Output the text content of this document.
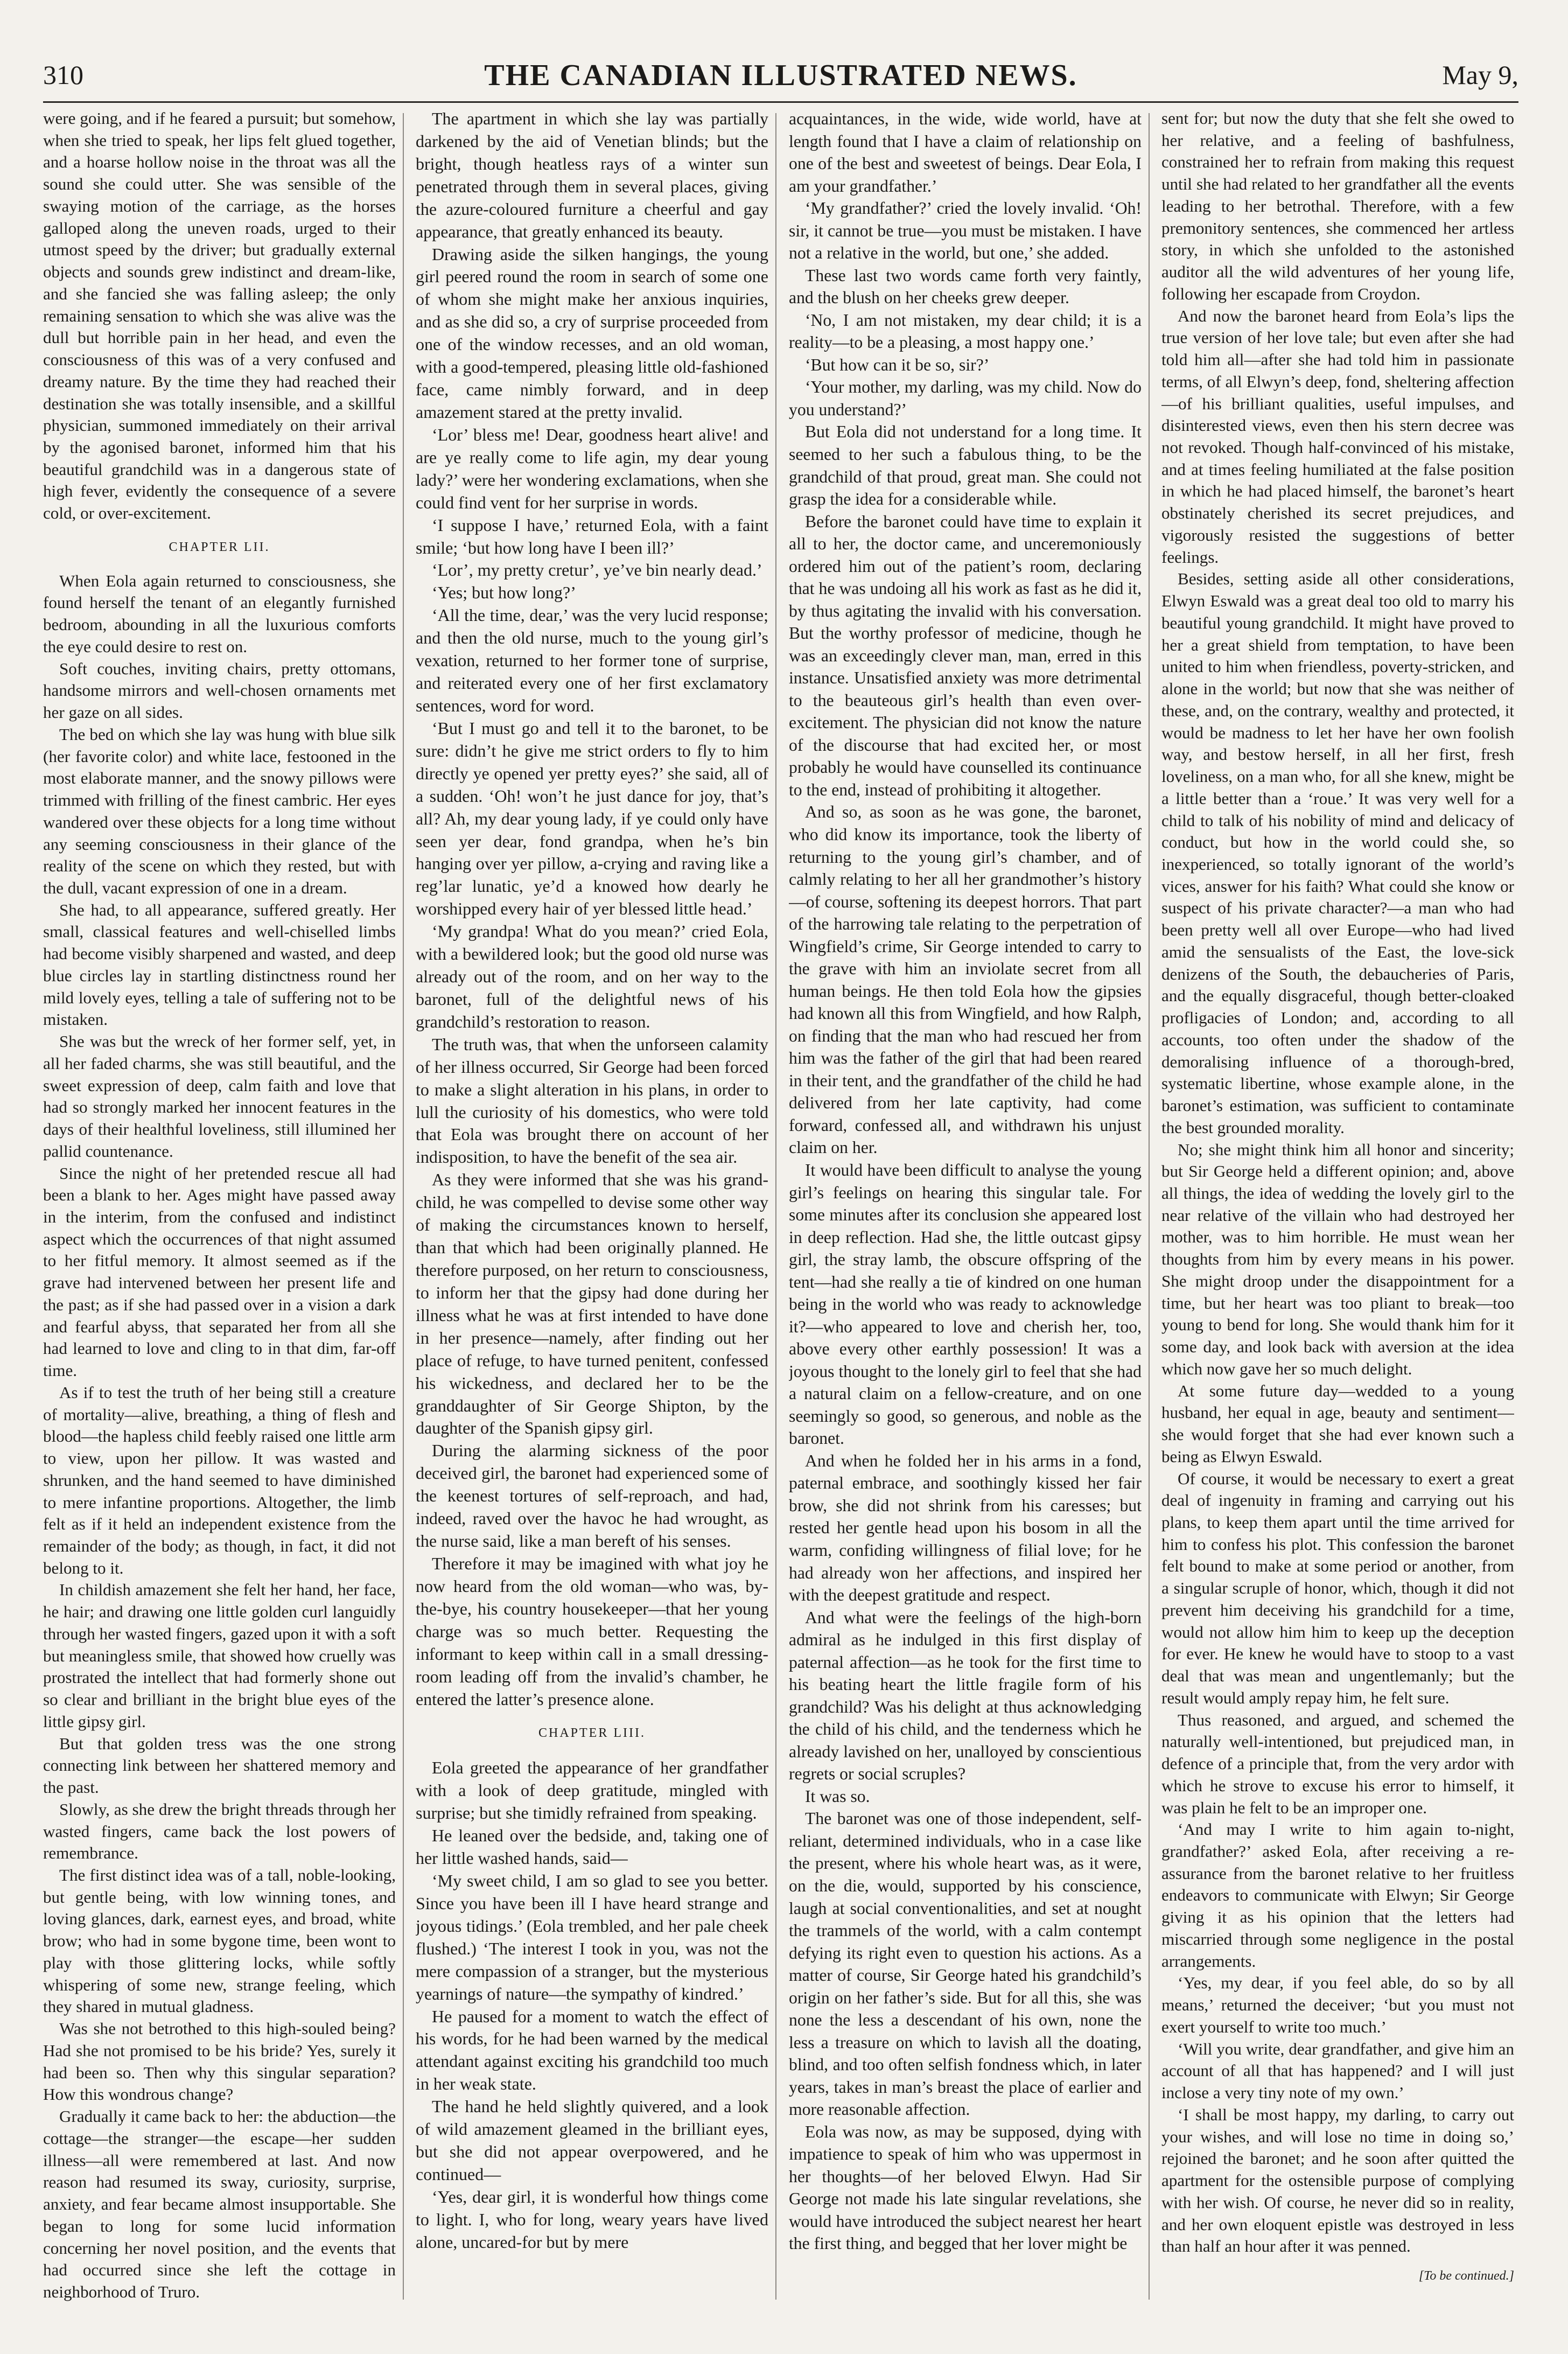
310	THE CANADIAN ILLUSTRATED NEWS.	May 9,

were going, and if he feared a pursuit; but somehow, when she tried to speak, her lips felt glued together, and a hoarse hollow noise in the throat was all the sound she could utter. She was sensible of the swaying motion of the carriage, as the horses galloped along the uneven roads, urged to their utmost speed by the driver; but gradually external objects and sounds grew indistinct and dream-like, and she fancied she was falling asleep; the only remaining sensation to which she was alive was the dull but horrible pain in her head, and even the consciousness of this was of a very confused and dreamy nature. By the time they had reached their destination she was totally insensible, and a skillful physician, summoned immediately on their arrival by the agonised baronet, informed him that his beautiful grandchild was in a dangerous state of high fever, evidently the consequence of a severe cold, or over-excitement.

CHAPTER LII.

When Eola again returned to consciousness, she found herself the tenant of an elegantly furnished bedroom, abounding in all the luxurious comforts the eye could desire to rest on.

Soft couches, inviting chairs, pretty ottomans, handsome mirrors and well-chosen ornaments met her gaze on all sides.

The bed on which she lay was hung with blue silk (her favorite color) and white lace, festooned in the most elaborate manner, and the snowy pillows were trimmed with frilling of the finest cambric. Her eyes wandered over these objects for a long time without any seeming consciousness in their glance of the reality of the scene on which they rested, but with the dull, vacant expression of one in a dream.

She had, to all appearance, suffered greatly. Her small, classical features and well-chiselled limbs had become visibly sharpened and wasted, and deep blue circles lay in startling distinctness round her mild lovely eyes, telling a tale of suffering not to be mistaken.

She was but the wreck of her former self, yet, in all her faded charms, she was still beautiful, and the sweet expression of deep, calm faith and love that had so strongly marked her innocent features in the days of their healthful loveliness, still illumined her pallid countenance.

Since the night of her pretended rescue all had been a blank to her. Ages might have passed away in the interim, from the confused and indistinct aspect which the occurrences of that night assumed to her fitful memory. It almost seemed as if the grave had intervened between her present life and the past; as if she had passed over in a vision a dark and fearful abyss, that separated her from all she had learned to love and cling to in that dim, far-off time.

As if to test the truth of her being still a creature of mortality—alive, breathing, a thing of flesh and blood—the hapless child feebly raised one little arm to view, upon her pillow. It was wasted and shrunken, and the hand seemed to have diminished to mere infantine proportions. Altogether, the limb felt as if it held an independent existence from the remainder of the body; as though, in fact, it did not belong to it.

In childish amazement she felt her hand, her face, he hair; and drawing one little golden curl languidly through her wasted fingers, gazed upon it with a soft but meaningless smile, that showed how cruelly was prostrated the intellect that had formerly shone out so clear and brilliant in the bright blue eyes of the little gipsy girl.

But that golden tress was the one strong connecting link between her shattered memory and the past.

Slowly, as she drew the bright threads through her wasted fingers, came back the lost powers of remembrance.

The first distinct idea was of a tall, noble-looking, but gentle being, with low winning tones, and loving glances, dark, earnest eyes, and broad, white brow; who had in some bygone time, been wont to play with those glittering locks, while softly whispering of some new, strange feeling, which they shared in mutual gladness.

Was she not betrothed to this high-souled being? Had she not promised to be his bride? Yes, surely it had been so. Then why this singular separation? How this wondrous change?

Gradually it came back to her: the abduction—the cottage—the stranger—the escape—her sudden illness—all were remembered at last. And now reason had resumed its sway, curiosity, surprise, anxiety, and fear became almost insupportable. She began to long for some lucid information concerning her novel position, and the events that had occurred since she left the cottage in neighborhood of Truro.

The apartment in which she lay was partially darkened by the aid of Venetian blinds; but the bright, though heatless rays of a winter sun penetrated through them in several places, giving the azure-coloured furniture a cheerful and gay appearance, that greatly enhanced its beauty.

Drawing aside the silken hangings, the young girl peered round the room in search of some one of whom she might make her anxious inquiries, and as she did so, a cry of surprise proceeded from one of the window recesses, and an old woman, with a good-tempered, pleasing little old-fashioned face, came nimbly forward, and in deep amazement stared at the pretty invalid.

‘Lor’ bless me! Dear, goodness heart alive! and are ye really come to life agin, my dear young lady?’ were her wondering exclamations, when she could find vent for her surprise in words.

‘I suppose I have,’ returned Eola, with a faint smile; ‘but how long have I been ill?’

‘Lor’, my pretty cretur’, ye’ve bin nearly dead.’

‘Yes; but how long?’

‘All the time, dear,’ was the very lucid response; and then the old nurse, much to the young girl’s vexation, returned to her former tone of surprise, and reiterated every one of her first exclamatory sentences, word for word.

‘But I must go and tell it to the baronet, to be sure: didn’t he give me strict orders to fly to him directly ye opened yer pretty eyes?’ she said, all of a sudden. ‘Oh! won’t he just dance for joy, that’s all? Ah, my dear young lady, if ye could only have seen yer dear, fond grandpa, when he’s bin hanging over yer pillow, a-crying and raving like a reg’lar lunatic, ye’d a knowed how dearly he worshipped every hair of yer blessed little head.’

‘My grandpa! What do you mean?’ cried Eola, with a bewildered look; but the good old nurse was already out of the room, and on her way to the baronet, full of the delightful news of his grandchild’s restoration to reason.

The truth was, that when the unforseen calamity of her illness occurred, Sir George had been forced to make a slight alteration in his plans, in order to lull the curiosity of his domestics, who were told that Eola was brought there on account of her indisposition, to have the benefit of the sea air.

As they were informed that she was his grand-child, he was compelled to devise some other way of making the circumstances known to herself, than that which had been originally planned. He therefore purposed, on her return to consciousness, to inform her that the gipsy had done during her illness what he was at first intended to have done in her presence—namely, after finding out her place of refuge, to have turned penitent, confessed his wickedness, and declared her to be the granddaughter of Sir George Shipton, by the daughter of the Spanish gipsy girl.

During the alarming sickness of the poor deceived girl, the baronet had experienced some of the keenest tortures of self-reproach, and had, indeed, raved over the havoc he had wrought, as the nurse said, like a man bereft of his senses.

Therefore it may be imagined with what joy he now heard from the old woman—who was, by-the-bye, his country housekeeper—that her young charge was so much better. Requesting the informant to keep within call in a small dressing-room leading off from the invalid’s chamber, he entered the latter’s presence alone.

CHAPTER LIII.

Eola greeted the appearance of her grandfather with a look of deep gratitude, mingled with surprise; but she timidly refrained from speaking.

He leaned over the bedside, and, taking one of her little washed hands, said—

‘My sweet child, I am so glad to see you better. Since you have been ill I have heard strange and joyous tidings.’ (Eola trembled, and her pale cheek flushed.) ‘The interest I took in you, was not the mere compassion of a stranger, but the mysterious yearnings of nature—the sympathy of kindred.’

He paused for a moment to watch the effect of his words, for he had been warned by the medical attendant against exciting his grandchild too much in her weak state.

The hand he held slightly quivered, and a look of wild amazement gleamed in the brilliant eyes, but she did not appear overpowered, and he continued—

‘Yes, dear girl, it is wonderful how things come to light. I, who for long, weary years have lived alone, uncared-for but by mere

acquaintances, in the wide, wide world, have at length found that I have a claim of relationship on one of the best and sweetest of beings. Dear Eola, I am your grandfather.’

‘My grandfather?’ cried the lovely invalid. ‘Oh! sir, it cannot be true—you must be mistaken. I have not a relative in the world, but one,’ she added.

These last two words came forth very faintly, and the blush on her cheeks grew deeper.

‘No, I am not mistaken, my dear child; it is a reality—to be a pleasing, a most happy one.’

‘But how can it be so, sir?’

‘Your mother, my darling, was my child. Now do you understand?’

But Eola did not understand for a long time. It seemed to her such a fabulous thing, to be the grandchild of that proud, great man. She could not grasp the idea for a considerable while.

Before the baronet could have time to explain it all to her, the doctor came, and unceremoniously ordered him out of the patient’s room, declaring that he was undoing all his work as fast as he did it, by thus agitating the invalid with his conversation. But the worthy professor of medicine, though he was an exceedingly clever man, man, erred in this instance. Unsatisfied anxiety was more detrimental to the beauteous girl’s health than even over-excitement. The physician did not know the nature of the discourse that had excited her, or most probably he would have counselled its continuance to the end, instead of prohibiting it altogether.

And so, as soon as he was gone, the baronet, who did know its importance, took the liberty of returning to the young girl’s chamber, and of calmly relating to her all her grandmother’s history—of course, softening its deepest horrors. That part of the harrowing tale relating to the perpetration of Wingfield’s crime, Sir George intended to carry to the grave with him an inviolate secret from all human beings. He then told Eola how the gipsies had known all this from Wingfield, and how Ralph, on finding that the man who had rescued her from him was the father of the girl that had been reared in their tent, and the grandfather of the child he had delivered from her late captivity, had come forward, confessed all, and withdrawn his unjust claim on her.

It would have been difficult to analyse the young girl’s feelings on hearing this singular tale. For some minutes after its conclusion she appeared lost in deep reflection. Had she, the little outcast gipsy girl, the stray lamb, the obscure offspring of the tent—had she really a tie of kindred on one human being in the world who was ready to acknowledge it?—who appeared to love and cherish her, too, above every other earthly possession! It was a joyous thought to the lonely girl to feel that she had a natural claim on a fellow-creature, and on one seemingly so good, so generous, and noble as the baronet.

And when he folded her in his arms in a fond, paternal embrace, and soothingly kissed her fair brow, she did not shrink from his caresses; but rested her gentle head upon his bosom in all the warm, confiding willingness of filial love; for he had already won her affections, and inspired her with the deepest gratitude and respect.

And what were the feelings of the high-born admiral as he indulged in this first display of paternal affection—as he took for the first time to his beating heart the little fragile form of his grandchild? Was his delight at thus acknowledging the child of his child, and the tenderness which he already lavished on her, unalloyed by conscientious regrets or social scruples?

It was so.

The baronet was one of those independent, self-reliant, determined individuals, who in a case like the present, where his whole heart was, as it were, on the die, would, supported by his conscience, laugh at social conventionalities, and set at nought the trammels of the world, with a calm contempt defying its right even to question his actions. As a matter of course, Sir George hated his grandchild’s origin on her father’s side. But for all this, she was none the less a descendant of his own, none the less a treasure on which to lavish all the doating, blind, and too often selfish fondness which, in later years, takes in man’s breast the place of earlier and more reasonable affection.

Eola was now, as may be supposed, dying with impatience to speak of him who was uppermost in her thoughts—of her beloved Elwyn. Had Sir George not made his late singular revelations, she would have introduced the subject nearest her heart the first thing, and begged that her lover might be

sent for; but now the duty that she felt she owed to her relative, and a feeling of bashfulness, constrained her to refrain from making this request until she had related to her grandfather all the events leading to her betrothal. Therefore, with a few premonitory sentences, she commenced her artless story, in which she unfolded to the astonished auditor all the wild adventures of her young life, following her escapade from Croydon.

And now the baronet heard from Eola’s lips the true version of her love tale; but even after she had told him all—after she had told him in passionate terms, of all Elwyn’s deep, fond, sheltering affection—of his brilliant qualities, useful impulses, and disinterested views, even then his stern decree was not revoked. Though half-convinced of his mistake, and at times feeling humiliated at the false position in which he had placed himself, the baronet’s heart obstinately cherished its secret prejudices, and vigorously resisted the suggestions of better feelings.

Besides, setting aside all other considerations, Elwyn Eswald was a great deal too old to marry his beautiful young grandchild. It might have proved to her a great shield from temptation, to have been united to him when friendless, poverty-stricken, and alone in the world; but now that she was neither of these, and, on the contrary, wealthy and protected, it would be madness to let her have her own foolish way, and bestow herself, in all her first, fresh loveliness, on a man who, for all she knew, might be a little better than a ‘roue.’ It was very well for a child to talk of his nobility of mind and delicacy of conduct, but how in the world could she, so inexperienced, so totally ignorant of the world’s vices, answer for his faith? What could she know or suspect of his private character?—a man who had been pretty well all over Europe—who had lived amid the sensualists of the East, the love-sick denizens of the South, the debaucheries of Paris, and the equally disgraceful, though better-cloaked profligacies of London; and, according to all accounts, too often under the shadow of the demoralising influence of a thorough-bred, systematic libertine, whose example alone, in the baronet’s estimation, was sufficient to contaminate the best grounded morality.

No; she might think him all honor and sincerity; but Sir George held a different opinion; and, above all things, the idea of wedding the lovely girl to the near relative of the villain who had destroyed her mother, was to him horrible. He must wean her thoughts from him by every means in his power. She might droop under the disappointment for a time, but her heart was too pliant to break—too young to bend for long. She would thank him for it some day, and look back with aversion at the idea which now gave her so much delight.

At some future day—wedded to a young husband, her equal in age, beauty and sentiment—she would forget that she had ever known such a being as Elwyn Eswald.

Of course, it would be necessary to exert a great deal of ingenuity in framing and carrying out his plans, to keep them apart until the time arrived for him to confess his plot. This confession the baronet felt bound to make at some period or another, from a singular scruple of honor, which, though it did not prevent him deceiving his grandchild for a time, would not allow him him to keep up the deception for ever. He knew he would have to stoop to a vast deal that was mean and ungentlemanly; but the result would amply repay him, he felt sure.

Thus reasoned, and argued, and schemed the naturally well-intentioned, but prejudiced man, in defence of a principle that, from the very ardor with which he strove to excuse his error to himself, it was plain he felt to be an improper one.

‘And may I write to him again to-night, grandfather?’ asked Eola, after receiving a re-assurance from the baronet relative to her fruitless endeavors to communicate with Elwyn; Sir George giving it as his opinion that the letters had miscarried through some negligence in the postal arrangements.

‘Yes, my dear, if you feel able, do so by all means,’ returned the deceiver; ‘but you must not exert yourself to write too much.’

‘Will you write, dear grandfather, and give him an account of all that has happened? and I will just inclose a very tiny note of my own.’

‘I shall be most happy, my darling, to carry out your wishes, and will lose no time in doing so,’ rejoined the baronet; and he soon after quitted the apartment for the ostensible purpose of complying with her wish. Of course, he never did so in reality, and her own eloquent epistle was destroyed in less than half an hour after it was penned.

[To be continued.]
